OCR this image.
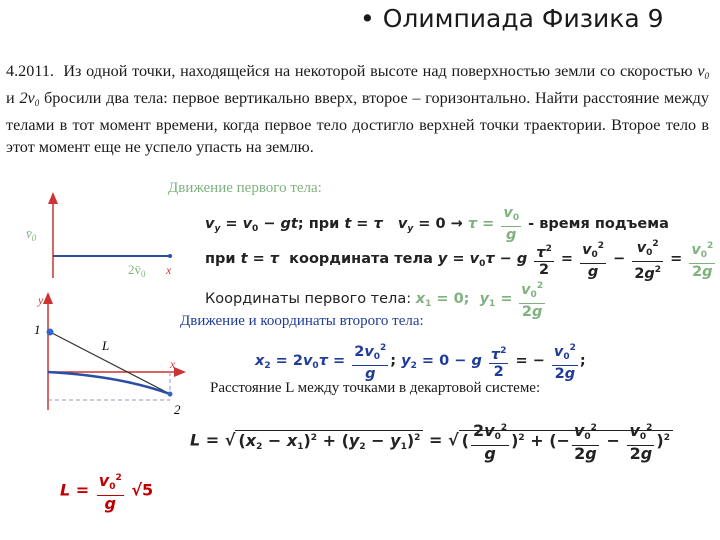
• Олимпиада Физика 9
4.2011. Из одной точки, находящейся на некоторой высоте над поверхностью земли со скоростью $v_0$ и $2v_0$ бросили два тела: первое вертикально вверх, второе – горизонтально. Найти расстояние между телами в тот момент времени, когда первое тело достигло верхней точки траектории. Второе тело в этот момент еще не успело упасть на землю.
$v̄_0$
$2v̄_0$ x
y
1
L
x
2
Движение первого тела:
$v_y = v_0$ − gt; при t = τ $v_y = 0 \to \tau = \frac{v_0}{g}$ - время подъема
при t = τ  координата тела $y = v_0\tau - g \frac{\tau^2}{2} = \frac{v_0^2}{g} - \frac{v_0^2}{2g^2} = \frac{v_0^2}{2g}$
Координаты первого тела: $x_1 = 0$;  $y_1 = \frac{v_0^2}{2g}$
Движение и координаты второго тела:
$x_2 = 2v_0\tau = \frac{2v_0^2}{g}$ ; $y_2 = 0 - g \frac{\tau^2}{2}$ = − $\frac{v_0^2}{2g}$ ;
Расстояние L между точками в декартовой системе:
L = √ $(x_2 - x_1)^2 + (y_2 - y_1)^2$ = √ ( $\frac{2v_0^2}{g} )^2$ + (− $\frac{v_0^2}{2g} - \frac{v_0^2}{2g} )^2$
$L = \frac{v_0^2}{g} √5$
